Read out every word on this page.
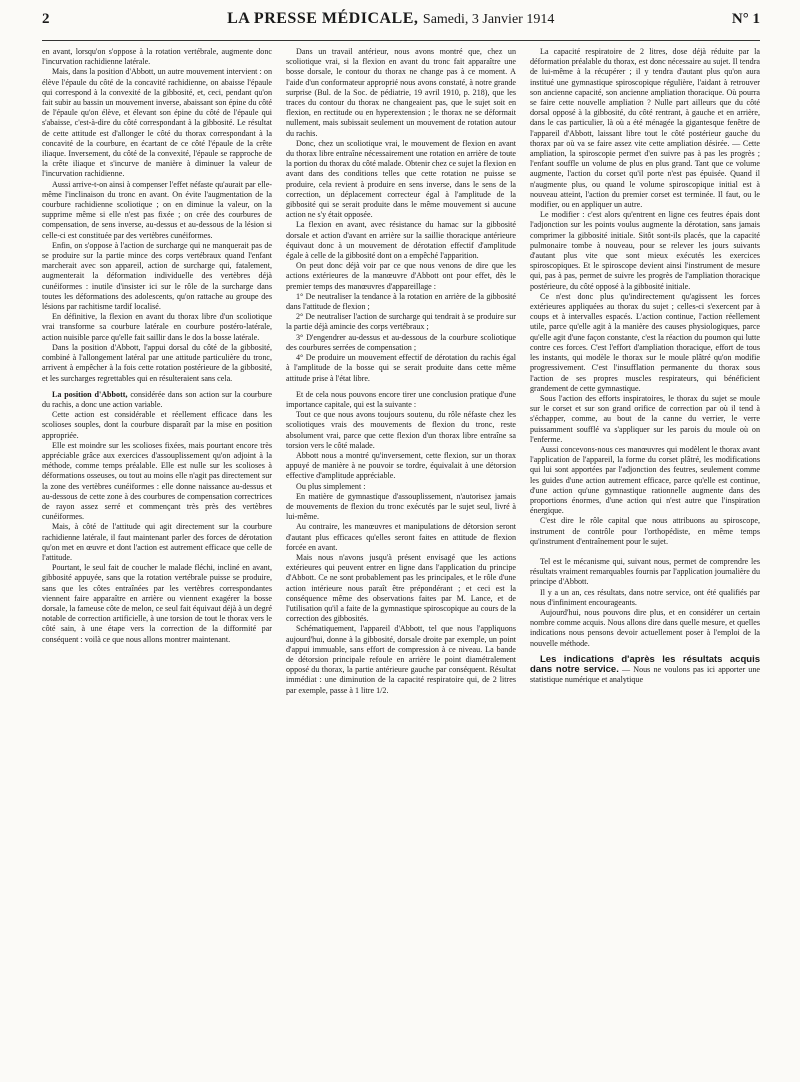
2	LA PRESSE MÉDICALE, Samedi, 3 Janvier 1914	N° 1

en avant, lorsqu'on s'oppose à la rotation vertébrale, augmente donc l'incurvation rachidienne latérale.

Mais, dans la position d'Abbott, un autre mouvement intervient : on élève l'épaule du côté de la concavité rachidienne, on abaisse l'épaule qui correspond à la convexité de la gibbosité, et, ceci, pendant qu'on fait subir au bassin un mouvement inverse, abaissant son épine du côté de l'épaule qu'on élève, et élevant son épine du côté de l'épaule qui s'abaisse, c'est-à-dire du côté correspondant à la gibbosité. Le résultat de cette attitude est d'allonger le côté du thorax correspondant à la concavité de la courbure, en écartant de ce côté l'épaule de la crête iliaque. Inversement, du côté de la convexité, l'épaule se rapproche de la crête iliaque et s'incurve de manière à diminuer la valeur de l'incurvation rachidienne.

Aussi arrive-t-on ainsi à compenser l'effet néfaste qu'aurait par elle-même l'inclinaison du tronc en avant. On évite l'augmentation de la courbure rachidienne scoliotique ; on en diminue la valeur, on la supprime même si elle n'est pas fixée ; on crée des courbures de compensation, de sens inverse, au-dessus et au-dessous de la lésion si celle-ci est constituée par des vertèbres cunéiformes.

Enfin, on s'oppose à l'action de surcharge qui ne manquerait pas de se produire sur la partie mince des corps vertébraux quand l'enfant marcherait avec son appareil, action de surcharge qui, fatalement, augmenterait la déformation individuelle des vertèbres déjà cunéiformes : inutile d'insister ici sur le rôle de la surcharge dans toutes les déformations des adolescents, qu'on rattache au groupe des lésions par rachitisme tardif localisé.

En définitive, la flexion en avant du thorax libre d'un scoliotique vrai transforme sa courbure latérale en courbure postéro-latérale, action nuisible parce qu'elle fait saillir dans le dos la bosse latérale.

Dans la position d'Abbott, l'appui dorsal du côté de la gibbosité, combiné à l'allongement latéral par une attitude particulière du tronc, arrivent à empêcher à la fois cette rotation postérieure de la gibbosité, et les surcharges regrettables qui en résulteraient sans cela.

La position d'Abbott, considérée dans son action sur la courbure du rachis, a donc une action variable.

Cette action est considérable et réellement efficace dans les scolioses souples, dont la courbure disparaît par la mise en position appropriée.

Elle est moindre sur les scolioses fixées, mais pourtant encore très appréciable grâce aux exercices d'assouplissement qu'on adjoint à la méthode, comme temps préalable. Elle est nulle sur les scolioses à déformations osseuses, ou tout au moins elle n'agit pas directement sur la zone des vertèbres cunéiformes : elle donne naissance au-dessus et au-dessous de cette zone à des courbures de compensation correctrices de rayon assez serré et commençant très près des vertèbres cunéiformes.

Mais, à côté de l'attitude qui agit directement sur la courbure rachidienne latérale, il faut maintenant parler des forces de dérotation qu'on met en œuvre et dont l'action est autrement efficace que celle de l'attitude.

Pourtant, le seul fait de coucher le malade fléchi, incliné en avant, gibbosité appuyée, sans que la rotation vertébrale puisse se produire, sans que les côtes entraînées par les vertèbres correspondantes viennent faire apparaître en arrière ou viennent exagérer la bosse dorsale, la fameuse côte de melon, ce seul fait équivaut déjà à un degré notable de correction artificielle, à une torsion de tout le thorax vers le côté sain, à une étape vers la correction de la difformité par conséquent : voilà ce que nous allons montrer maintenant.

Dans un travail antérieur, nous avons montré que, chez un scoliotique vrai, si la flexion en avant du tronc fait apparaître une bosse dorsale, le contour du thorax ne change pas à ce moment. A l'aide d'un conformateur approprié nous avons constaté, à notre grande surprise (Bul. de la Soc. de pédiatrie, 19 avril 1910, p. 218), que les traces du contour du thorax ne changeaient pas, que le sujet soit en flexion, en rectitude ou en hyperextension ; le thorax ne se déformait nullement, mais subissait seulement un mouvement de rotation autour du rachis.

Donc, chez un scoliotique vrai, le mouvement de flexion en avant du thorax libre entraîne nécessairement une rotation en arrière de toute la portion du thorax du côté malade. Obtenir chez ce sujet la flexion en avant dans des conditions telles que cette rotation ne puisse se produire, cela revient à produire en sens inverse, dans le sens de la correction, un déplacement correcteur égal à l'amplitude de la gibbosité qui se serait produite dans le même mouvement si aucune action ne s'y était opposée.

La flexion en avant, avec résistance du hamac sur la gibbosité dorsale et action d'avant en arrière sur la saillie thoracique antérieure équivaut donc à un mouvement de dérotation effectif d'amplitude égale à celle de la gibbosité dont on a empêché l'apparition.

On peut donc déjà voir par ce que nous venons de dire que les actions extérieures de la manœuvre d'Abbott ont pour effet, dès le premier temps des manœuvres d'appareillage :

1° De neutraliser la tendance à la rotation en arrière de la gibbosité dans l'attitude de flexion ;

2° De neutraliser l'action de surcharge qui tendrait à se produire sur la partie déjà amincie des corps vertébraux ;

3° D'engendrer au-dessus et au-dessous de la courbure scoliotique des courbures serrées de compensation ;

4° De produire un mouvement effectif de dérotation du rachis égal à l'amplitude de la bosse qui se serait produite dans cette même attitude prise à l'état libre.

Et de cela nous pouvons encore tirer une conclusion pratique d'une importance capitale, qui est la suivante :

Tout ce que nous avons toujours soutenu, du rôle néfaste chez les scoliotiques vrais des mouvements de flexion du tronc, reste absolument vrai, parce que cette flexion d'un thorax libre entraîne sa torsion vers le côté malade.

Abbott nous a montré qu'inversement, cette flexion, sur un thorax appuyé de manière à ne pouvoir se tordre, équivalait à une détorsion effective d'amplitude appréciable.

Ou plus simplement :

En matière de gymnastique d'assouplissement, n'autorisez jamais de mouvements de flexion du tronc exécutés par le sujet seul, livré à lui-même.

Au contraire, les manœuvres et manipulations de détorsion seront d'autant plus efficaces qu'elles seront faites en attitude de flexion forcée en avant.

Mais nous n'avons jusqu'à présent envisagé que les actions extérieures qui peuvent entrer en ligne dans l'application du principe d'Abbott. Ce ne sont probablement pas les principales, et le rôle d'une action intérieure nous paraît être prépondérant ; et ceci est la conséquence même des observations faites par M. Lance, et de l'utilisation qu'il a faite de la gymnastique spiroscopique au cours de la correction des gibbosités.

Schématiquement, l'appareil d'Abbott, tel que nous l'appliquons aujourd'hui, donne à la gibbosité, dorsale droite par exemple, un point d'appui immuable, sans effort de compression à ce niveau. La bande de détorsion principale refoule en arrière le point diamétralement opposé du thorax, la partie antérieure gauche par conséquent. Résultat immédiat : une diminution de la capacité respiratoire qui, de 2 litres par exemple, passe à 1 litre 1/2.

La capacité respiratoire de 2 litres, dose déjà réduite par la déformation préalable du thorax, est donc nécessaire au sujet. Il tendra de lui-même à la récupérer ; il y tendra d'autant plus qu'on aura institué une gymnastique spiroscopique régulière, l'aidant à retrouver son ancienne capacité, son ancienne ampliation thoracique. Où pourra se faire cette nouvelle ampliation ? Nulle part ailleurs que du côté dorsal opposé à la gibbosité, du côté rentrant, à gauche et en arrière, dans le cas particulier, là où a été ménagée la gigantesque fenêtre de l'appareil d'Abbott, laissant libre tout le côté postérieur gauche du thorax par où va se faire assez vite cette ampliation désirée. — Cette ampliation, la spiroscopie permet d'en suivre pas à pas les progrès ; l'enfant souffle un volume de plus en plus grand. Tant que ce volume augmente, l'action du corset qu'il porte n'est pas épuisée. Quand il n'augmente plus, ou quand le volume spiroscopique initial est à nouveau atteint, l'action du premier corset est terminée. Il faut, ou le modifier, ou en appliquer un autre.

Le modifier : c'est alors qu'entrent en ligne ces feutres épais dont l'adjonction sur les points voulus augmente la dérotation, sans jamais comprimer la gibbosité initiale. Sitôt sont-ils placés, que la capacité pulmonaire tombe à nouveau, pour se relever les jours suivants d'autant plus vite que sont mieux exécutés les exercices spiroscopiques. Et le spiroscope devient ainsi l'instrument de mesure qui, pas à pas, permet de suivre les progrès de l'ampliation thoracique postérieure, du côté opposé à la gibbosité initiale.

Ce n'est donc plus qu'indirectement qu'agissent les forces extérieures appliquées au thorax du sujet ; celles-ci s'exercent par à coups et à intervalles espacés. L'action continue, l'action réellement utile, parce qu'elle agit à la manière des causes physiologiques, parce qu'elle agit d'une façon constante, c'est la réaction du poumon qui lutte contre ces forces. C'est l'effort d'ampliation thoracique, effort de tous les instants, qui modèle le thorax sur le moule plâtré qu'on modifie progressivement. C'est l'insufflation permanente du thorax sous l'action de ses propres muscles respirateurs, qui bénéficient grandement de cette gymnastique.

Sous l'action des efforts inspiratoires, le thorax du sujet se moule sur le corset et sur son grand orifice de correction par où il tend à s'échapper, comme, au bout de la canne du verrier, le verre puissamment soufflé va s'appliquer sur les parois du moule où on l'enferme.

Aussi concevons-nous ces manœuvres qui modèlent le thorax avant l'application de l'appareil, la forme du corset plâtré, les modifications qui lui sont apportées par l'adjonction des feutres, seulement comme les guides d'une action autrement efficace, parce qu'elle est continue, d'une action qu'une gymnastique rationnelle augmente dans des proportions énormes, d'une action qui n'est autre que l'inspiration énergique.

C'est dire le rôle capital que nous attribuons au spiroscope, instrument de contrôle pour l'orthopédiste, en même temps qu'instrument d'entraînement pour le sujet.

Tel est le mécanisme qui, suivant nous, permet de comprendre les résultats vraiment remarquables fournis par l'application journalière du principe d'Abbott.

Il y a un an, ces résultats, dans notre service, ont été qualifiés par nous d'infiniment encourageants.

Aujourd'hui, nous pouvons dire plus, et en considérer un certain nombre comme acquis. Nous allons dire dans quelle mesure, et quelles indications nous pensons devoir actuellement poser à l'emploi de la nouvelle méthode.

Les indications d'après les résultats acquis dans notre service. — Nous ne voulons pas ici apporter une statistique numérique et analytique
